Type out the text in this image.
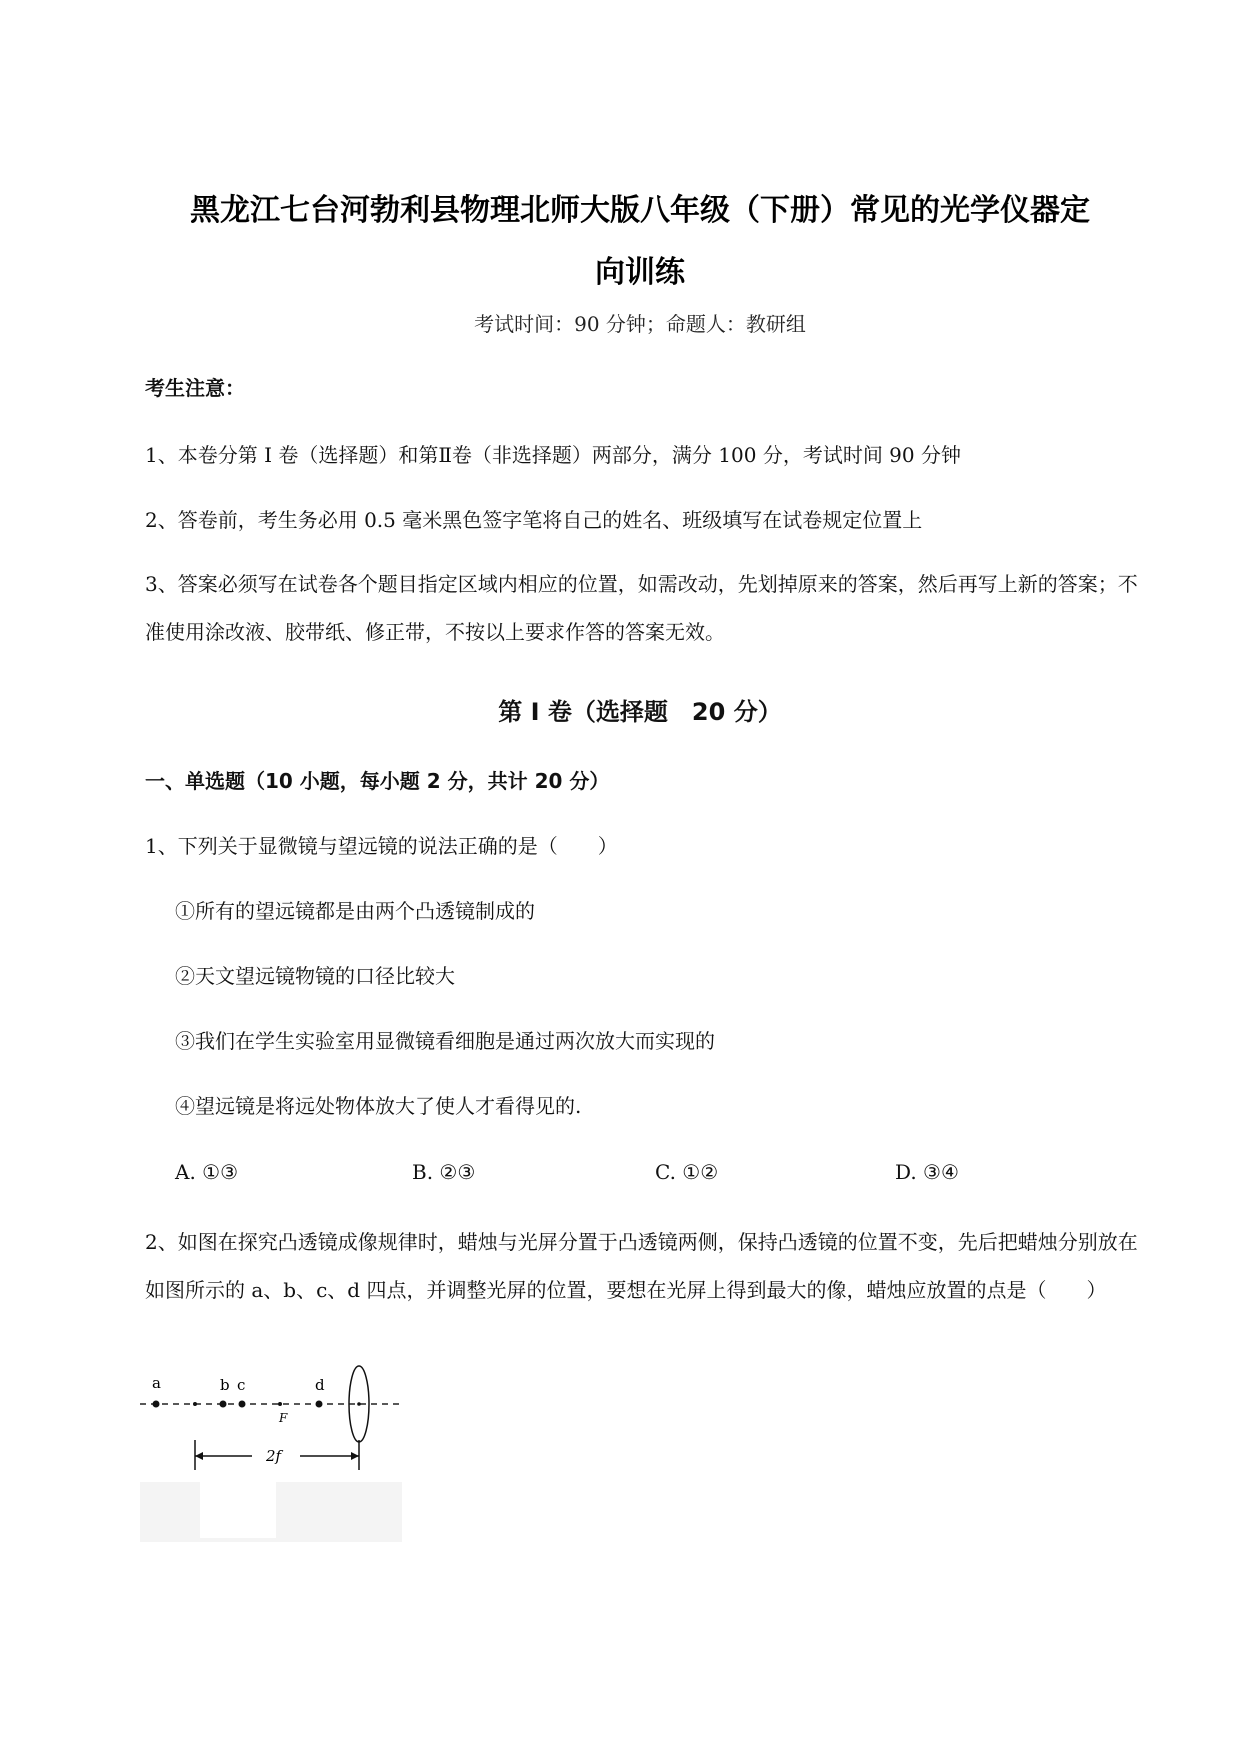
黑龙江七台河勃利县物理北师大版八年级（下册）常见的光学仪器定
向训练
考试时间：90 分钟；命题人：教研组
考生注意：
1、本卷分第 I 卷（选择题）和第Ⅱ卷（非选择题）两部分，满分 100 分，考试时间 90 分钟
2、答卷前，考生务必用 0.5 毫米黑色签字笔将自己的姓名、班级填写在试卷规定位置上
3、答案必须写在试卷各个题目指定区域内相应的位置，如需改动，先划掉原来的答案，然后再写上新的答案；不准使用涂改液、胶带纸、修正带，不按以上要求作答的答案无效。
第 I 卷（选择题　20 分）
一、单选题（10 小题，每小题 2 分，共计 20 分）
1、下列关于显微镜与望远镜的说法正确的是（　　）
①所有的望远镜都是由两个凸透镜制成的
②天文望远镜物镜的口径比较大
③我们在学生实验室用显微镜看细胞是通过两次放大而实现的
④望远镜是将远处物体放大了使人才看得见的.
A. ①③	B. ②③	C. ①②	D. ③④
2、如图在探究凸透镜成像规律时，蜡烛与光屏分置于凸透镜两侧，保持凸透镜的位置不变，先后把蜡烛分别放在如图所示的 a、b、c、d 四点，并调整光屏的位置，要想在光屏上得到最大的像，蜡烛应放置的点是（　　）
a	b c	d
F
2f
